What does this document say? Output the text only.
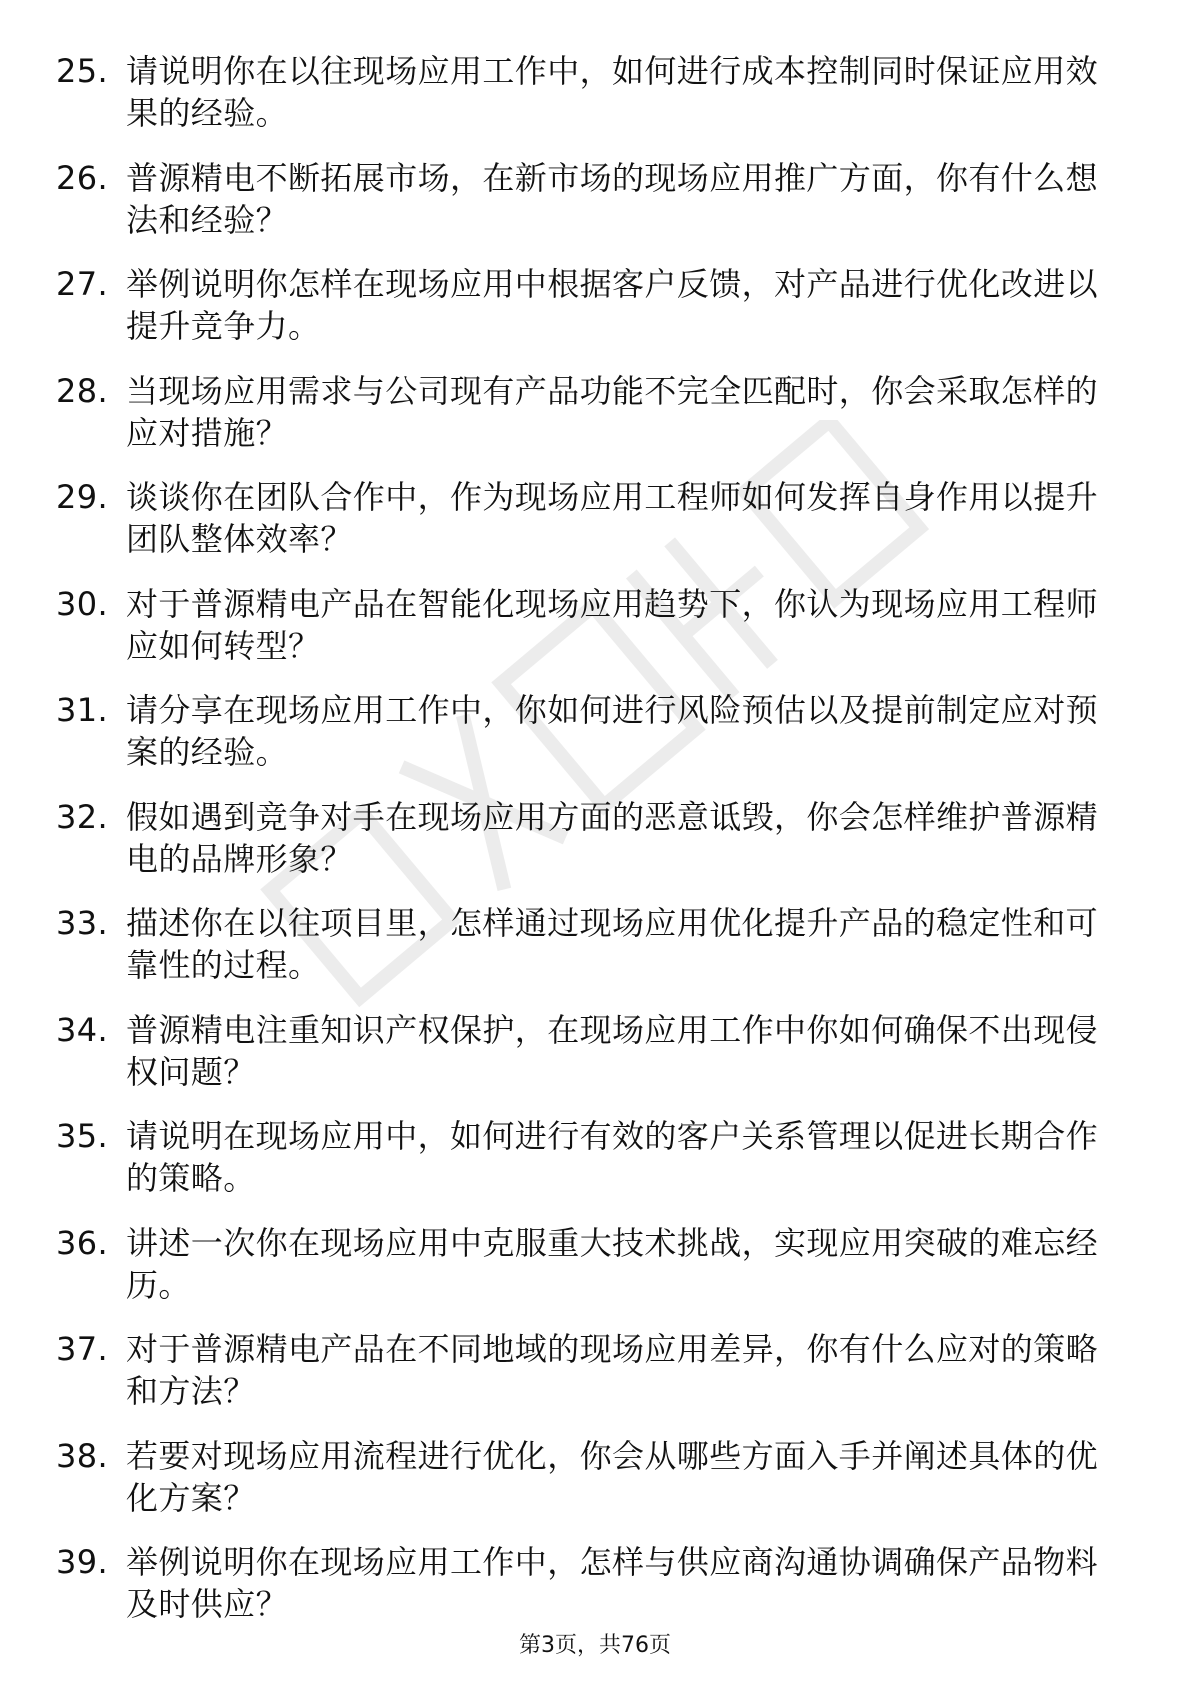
25. 请说明你在以往现场应用工作中，如何进行成本控制同时保证应用效果的经验。
26. 普源精电不断拓展市场，在新市场的现场应用推广方面，你有什么想法和经验？
27. 举例说明你怎样在现场应用中根据客户反馈，对产品进行优化改进以提升竞争力。
28. 当现场应用需求与公司现有产品功能不完全匹配时，你会采取怎样的应对措施？
29. 谈谈你在团队合作中，作为现场应用工程师如何发挥自身作用以提升团队整体效率？
30. 对于普源精电产品在智能化现场应用趋势下，你认为现场应用工程师应如何转型？
31. 请分享在现场应用工作中，你如何进行风险预估以及提前制定应对预案的经验。
32. 假如遇到竞争对手在现场应用方面的恶意诋毁，你会怎样维护普源精电的品牌形象？
33. 描述你在以往项目里，怎样通过现场应用优化提升产品的稳定性和可靠性的过程。
34. 普源精电注重知识产权保护，在现场应用工作中你如何确保不出现侵权问题？
35. 请说明在现场应用中，如何进行有效的客户关系管理以促进长期合作的策略。
36. 讲述一次你在现场应用中克服重大技术挑战，实现应用突破的难忘经历。
37. 对于普源精电产品在不同地域的现场应用差异，你有什么应对的策略和方法？
38. 若要对现场应用流程进行优化，你会从哪些方面入手并阐述具体的优化方案？
39. 举例说明你在现场应用工作中，怎样与供应商沟通协调确保产品物料及时供应？
第3页，共76页
